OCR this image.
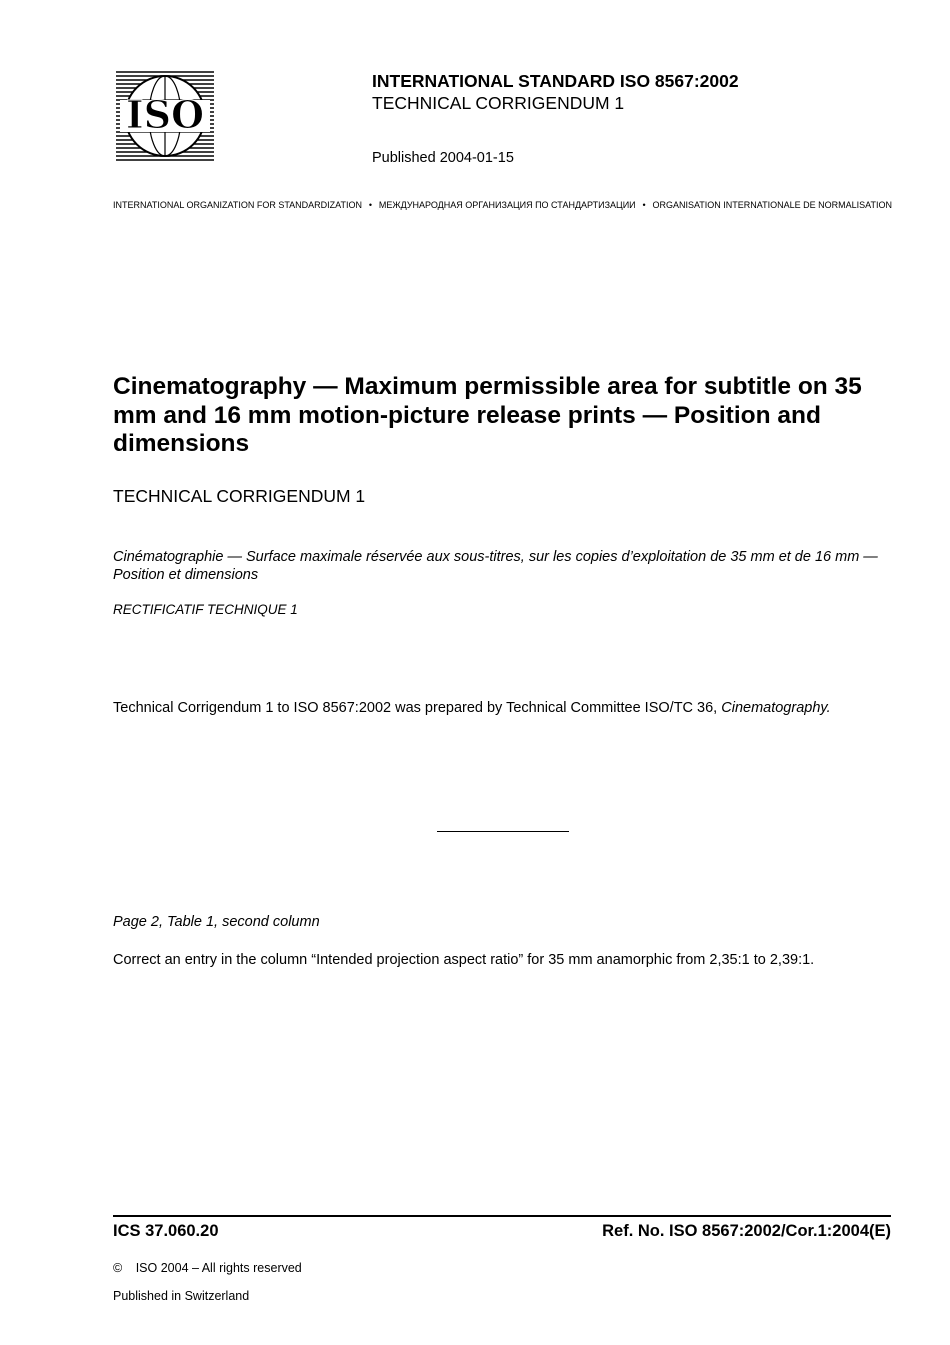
ISO
INTERNATIONAL STANDARD ISO 8567:2002
TECHNICAL CORRIGENDUM 1
Published 2004-01-15
INTERNATIONAL ORGANIZATION FOR STANDARDIZATION • МЕЖДУНАРОДНАЯ ОРГАНИЗАЦИЯ ПО СТАНДАРТИЗАЦИИ • ORGANISATION INTERNATIONALE DE NORMALISATION
Cinematography — Maximum permissible area for subtitle on 35 mm and 16 mm motion-picture release prints — Position and dimensions
TECHNICAL CORRIGENDUM 1
Cinématographie — Surface maximale réservée aux sous-titres, sur les copies d’exploitation de 35 mm et de 16 mm — Position et dimensions
RECTIFICATIF TECHNIQUE 1
Technical Corrigendum 1 to ISO 8567:2002 was prepared by Technical Committee ISO/TC 36, Cinematography.
Page 2, Table 1, second column
Correct an entry in the column “Intended projection aspect ratio” for 35 mm anamorphic from 2,35:1 to 2,39:1.
ICS 37.060.20	Ref. No. ISO 8567:2002/Cor.1:2004(E)
© ISO 2004 – All rights reserved
Published in Switzerland
